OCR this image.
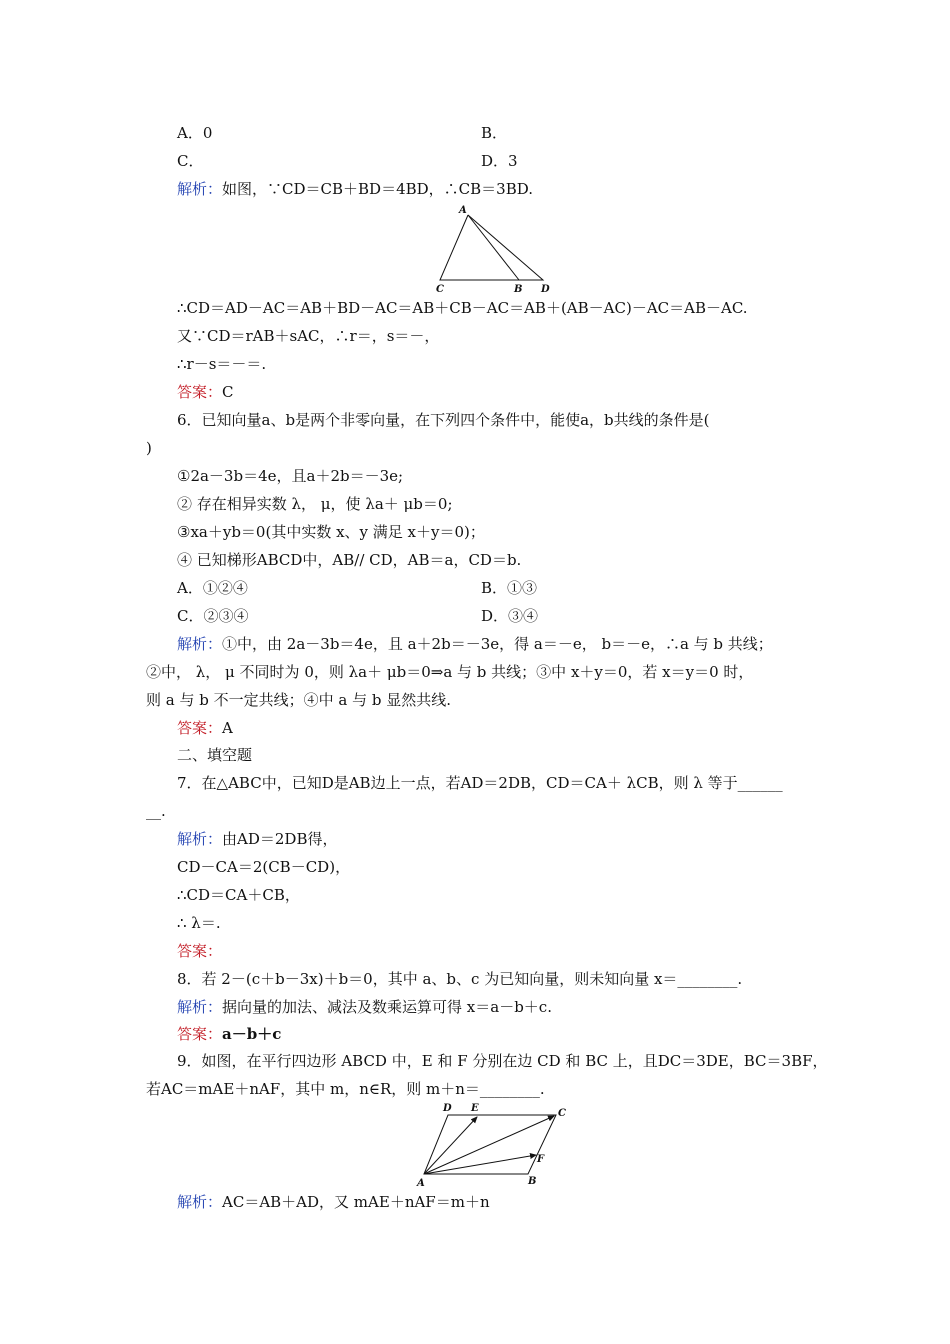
A．0	B．
C．	D．3
解析：如图，∵CD＝CB＋BD＝4BD，∴CB＝3BD.
A
C	B D
∴CD＝AD－AC＝AB＋BD－AC＝AB＋CB－AC＝AB＋(AB－AC)－AC＝AB－AC.
又∵CD＝rAB＋sAC，∴r＝，s＝－，
∴r－s＝－＝.
答案：C
6．已知向量a、b是两个非零向量，在下列四个条件中，能使a，b共线的条件是(
)
①2a－3b＝4e，且a＋2b＝－3e;
② 存在相异实数 λ， μ，使 λa＋ μb＝0;
③xa＋yb＝0(其中实数 x、y 满足 x＋y＝0)；
④ 已知梯形ABCD中，AB// CD，AB＝a，CD＝b.
A．①②④	B．①③
C．②③④	D．③④
解析：①中，由 2a－3b＝4e，且 a＋2b＝－3e，得 a＝－e， b＝－e，∴a 与 b 共线；
②中， λ， μ 不同时为 0，则 λa＋ μb＝0⇒a 与 b 共线；③中 x＋y＝0，若 x＝y＝0 时，
则 a 与 b 不一定共线；④中 a 与 b 显然共线.
答案：A
二、填空题
7．在△ABC中，已知D是AB边上一点，若AD＝2DB，CD＝CA＋ λCB，则 λ 等于______
__.
解析：由AD＝2DB得，
CD－CA＝2(CB－CD)，
∴CD＝CA＋CB，
∴ λ＝.
答案：
8．若 2－(c＋b－3x)＋b＝0，其中 a、b、c 为已知向量，则未知向量 x＝________.
解析：据向量的加法、减法及数乘运算可得 x＝a－b＋c.
答案：a－b＋c
9．如图，在平行四边形 ABCD 中，E 和 F 分别在边 CD 和 BC 上，且DC＝3DE，BC＝3BF，
若AC＝mAE＋nAF，其中 m，n∈R，则 m＋n＝________.
D E	C
F
A	B
解析：AC＝AB＋AD，又 mAE＋nAF＝m＋n
